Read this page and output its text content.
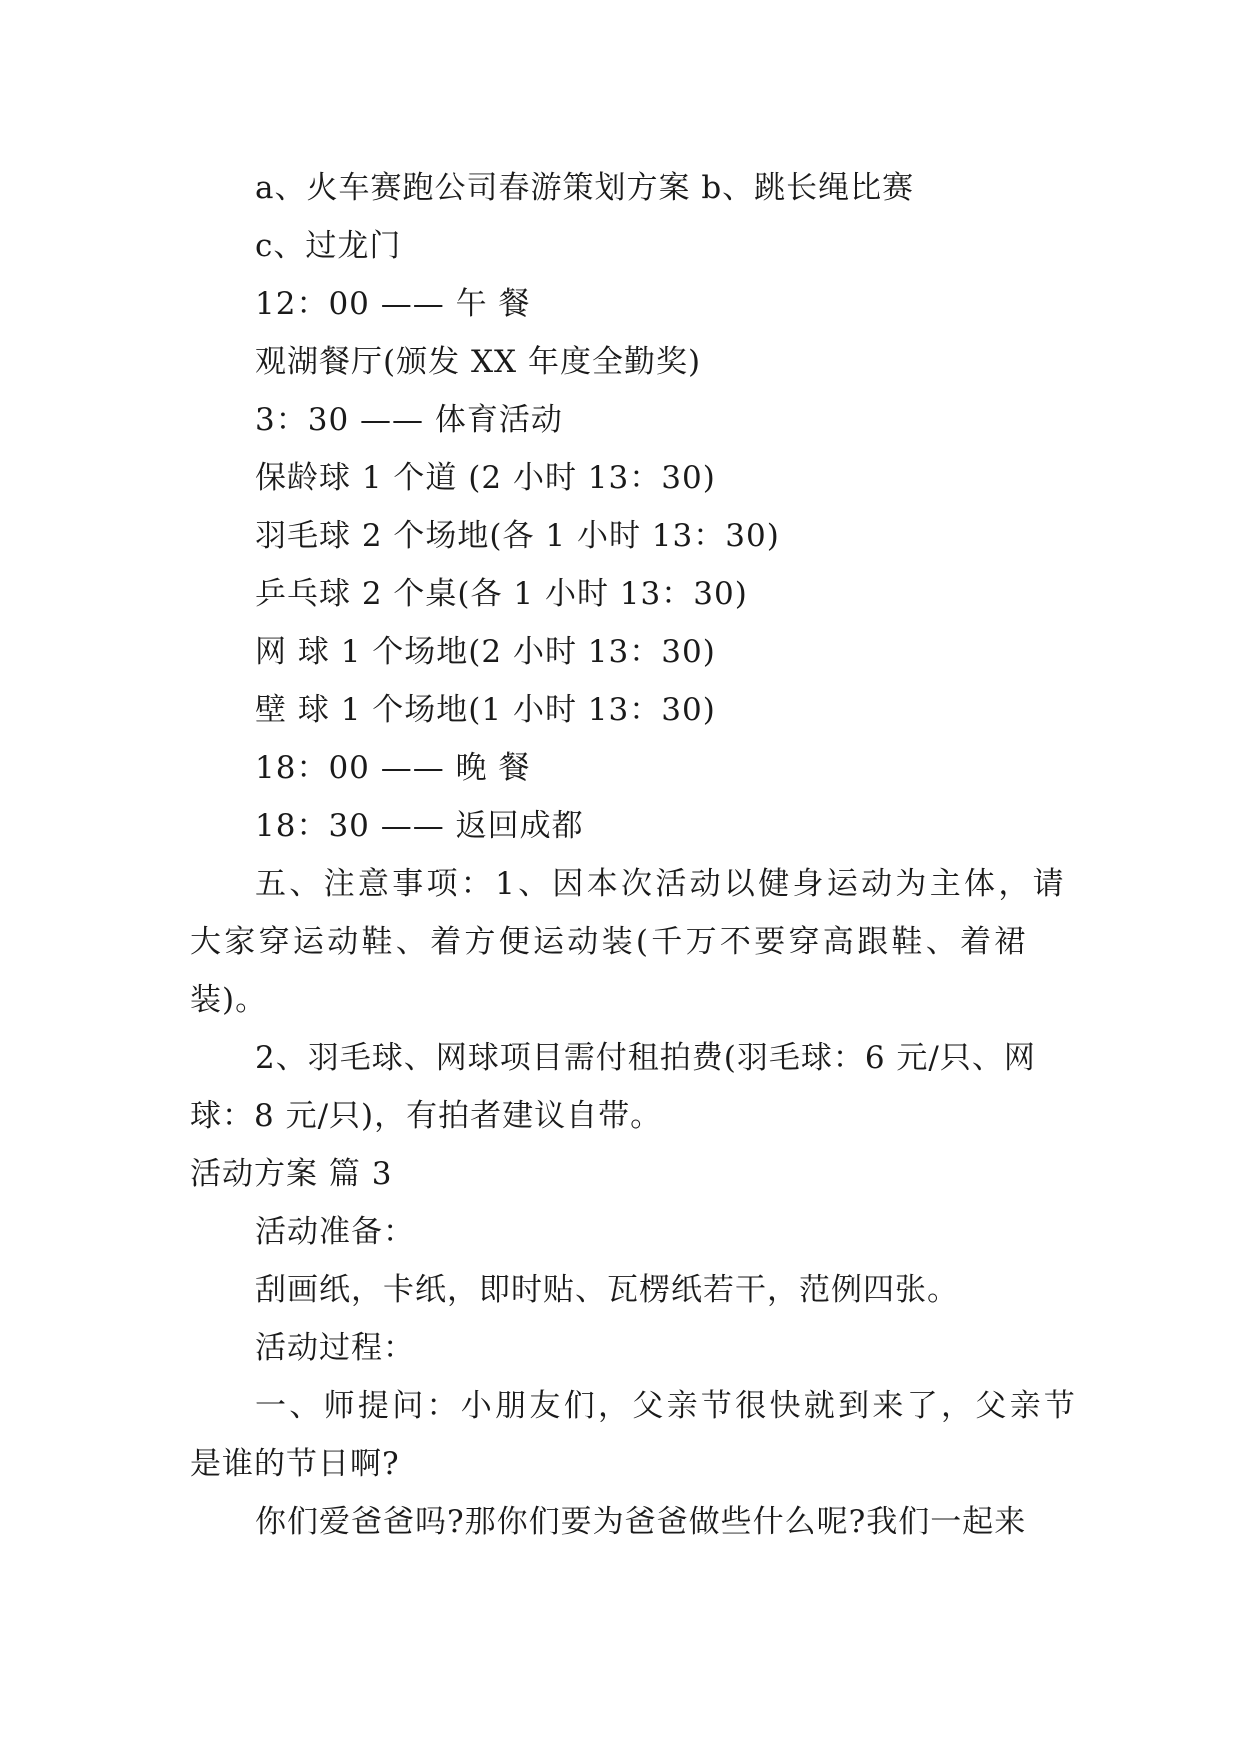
a、火车赛跑公司春游策划方案 b、跳长绳比赛
c、过龙门
12：00 —— 午 餐
观湖餐厅(颁发 XX 年度全勤奖)
3：30 —— 体育活动
保龄球 1 个道 (2 小时 13：30)
羽毛球 2 个场地(各 1 小时 13：30)
乒乓球 2 个桌(各 1 小时 13：30)
网 球 1 个场地(2 小时 13：30)
壁 球 1 个场地(1 小时 13：30)
18：00 —— 晚 餐
18：30 —— 返回成都
五、注意事项：1、因本次活动以健身运动为主体，请
大家穿运动鞋、着方便运动装(千万不要穿高跟鞋、着裙
装)。
2、羽毛球、网球项目需付租拍费(羽毛球：6 元/只、网
球：8 元/只)，有拍者建议自带。
活动方案 篇 3
活动准备：
刮画纸，卡纸，即时贴、瓦楞纸若干，范例四张。
活动过程：
一、师提问：小朋友们，父亲节很快就到来了，父亲节
是谁的节日啊?
你们爱爸爸吗?那你们要为爸爸做些什么呢?我们一起来
